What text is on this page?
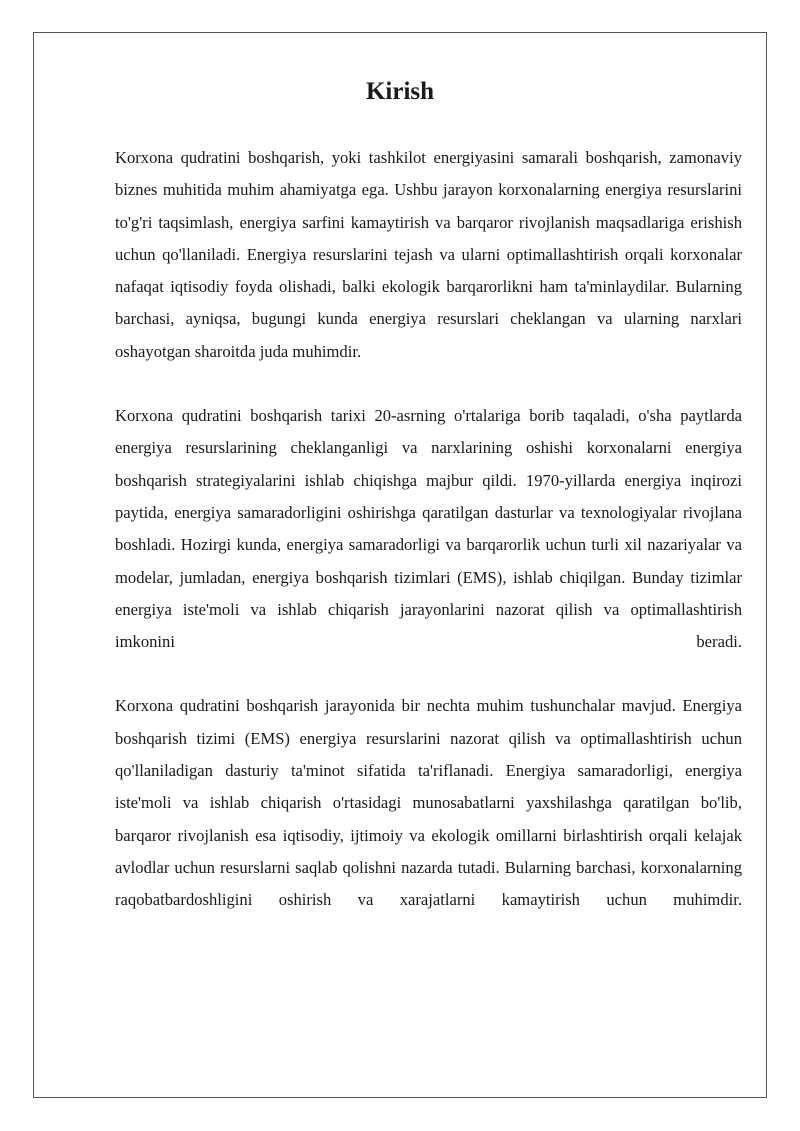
Kirish

Korxona qudratini boshqarish, yoki tashkilot energiyasini samarali boshqarish, zamonaviy biznes muhitida muhim ahamiyatga ega. Ushbu jarayon korxonalarning energiya resurslarini to'g'ri taqsimlash, energiya sarfini kamaytirish va barqaror rivojlanish maqsadlariga erishish uchun qo'llaniladi. Energiya resurslarini tejash va ularni optimallashtirish orqali korxonalar nafaqat iqtisodiy foyda olishadi, balki ekologik barqarorlikni ham ta'minlaydilar. Bularning barchasi, ayniqsa, bugungi kunda energiya resurslari cheklangan va ularning narxlari oshayotgan sharoitda juda muhimdir.

Korxona qudratini boshqarish tarixi 20-asrning o'rtalariga borib taqaladi, o'sha paytlarda energiya resurslarining cheklanganligi va narxlarining oshishi korxonalarni energiya boshqarish strategiyalarini ishlab chiqishga majbur qildi. 1970-yillarda energiya inqirozi paytida, energiya samaradorligini oshirishga qaratilgan dasturlar va texnologiyalar rivojlana boshladi. Hozirgi kunda, energiya samaradorligi va barqarorlik uchun turli xil nazariyalar va modelar, jumladan, energiya boshqarish tizimlari (EMS), ishlab chiqilgan. Bunday tizimlar energiya iste'moli va ishlab chiqarish jarayonlarini nazorat qilish va optimallashtirish imkonini beradi.

Korxona qudratini boshqarish jarayonida bir nechta muhim tushunchalar mavjud. Energiya boshqarish tizimi (EMS) energiya resurslarini nazorat qilish va optimallashtirish uchun qo'llaniladigan dasturiy ta'minot sifatida ta'riflanadi. Energiya samaradorligi, energiya iste'moli va ishlab chiqarish o'rtasidagi munosabatlarni yaxshilashga qaratilgan bo'lib, barqaror rivojlanish esa iqtisodiy, ijtimoiy va ekologik omillarni birlashtirish orqali kelajak avlodlar uchun resurslarni saqlab qolishni nazarda tutadi. Bularning barchasi, korxonalarning raqobatbardoshligini oshirish va xarajatlarni kamaytirish uchun muhimdir.
